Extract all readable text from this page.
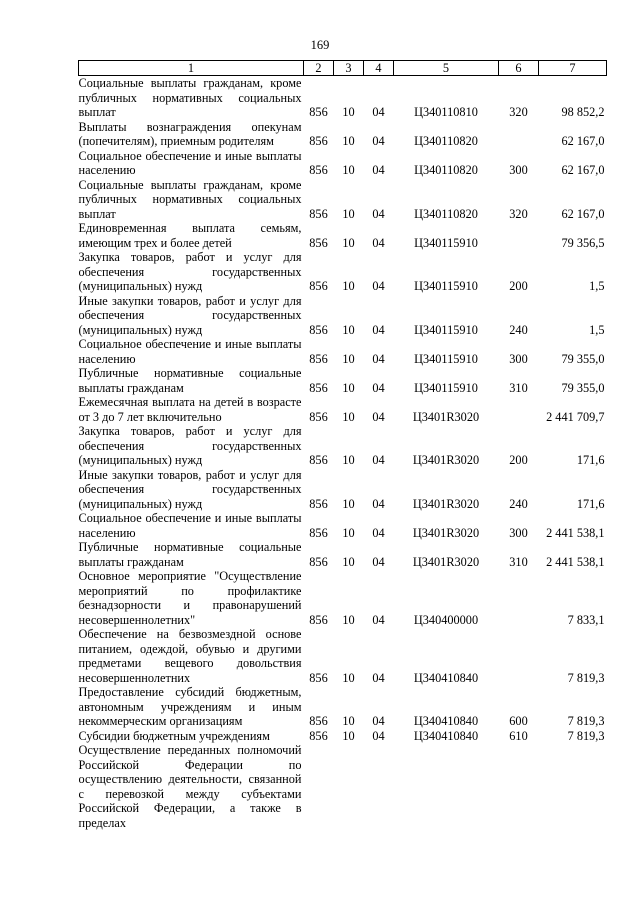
169
1	2	3	4	5	6	7
Социальные выплаты гражданам, кроме публичных нормативных социальных выплат	856	10	04	Ц340110810	320	98 852,2
Выплаты вознаграждения опекунам (попечителям), приемным родителям	856	10	04	Ц340110820		62 167,0
Социальное обеспечение и иные выплаты населению	856	10	04	Ц340110820	300	62 167,0
Социальные выплаты гражданам, кроме публичных нормативных социальных выплат	856	10	04	Ц340110820	320	62 167,0
Единовременная выплата семьям, имеющим трех и более детей	856	10	04	Ц340115910		79 356,5
Закупка товаров, работ и услуг для обеспечения государственных (муниципальных) нужд	856	10	04	Ц340115910	200	1,5
Иные закупки товаров, работ и услуг для обеспечения государственных (муниципальных) нужд	856	10	04	Ц340115910	240	1,5
Социальное обеспечение и иные выплаты населению	856	10	04	Ц340115910	300	79 355,0
Публичные нормативные социальные выплаты гражданам	856	10	04	Ц340115910	310	79 355,0
Ежемесячная выплата на детей в возрасте от 3 до 7 лет включительно	856	10	04	Ц3401R3020		2 441 709,7
Закупка товаров, работ и услуг для обеспечения государственных (муниципальных) нужд	856	10	04	Ц3401R3020	200	171,6
Иные закупки товаров, работ и услуг для обеспечения государственных (муниципальных) нужд	856	10	04	Ц3401R3020	240	171,6
Социальное обеспечение и иные выплаты населению	856	10	04	Ц3401R3020	300	2 441 538,1
Публичные нормативные социальные выплаты гражданам	856	10	04	Ц3401R3020	310	2 441 538,1
Основное мероприятие "Осуществление мероприятий по профилактике безнадзорности и правонарушений несовершеннолетних"	856	10	04	Ц340400000		7 833,1
Обеспечение на безвозмездной основе питанием, одеждой, обувью и другими предметами вещевого довольствия несовершеннолетних	856	10	04	Ц340410840		7 819,3
Предоставление субсидий бюджетным, автономным учреждениям и иным некоммерческим организациям	856	10	04	Ц340410840	600	7 819,3
Субсидии бюджетным учреждениям	856	10	04	Ц340410840	610	7 819,3
Осуществление переданных полномочий Российской Федерации по осуществлению деятельности, связанной с перевозкой между субъектами Российской Федерации, а также в пределах						
